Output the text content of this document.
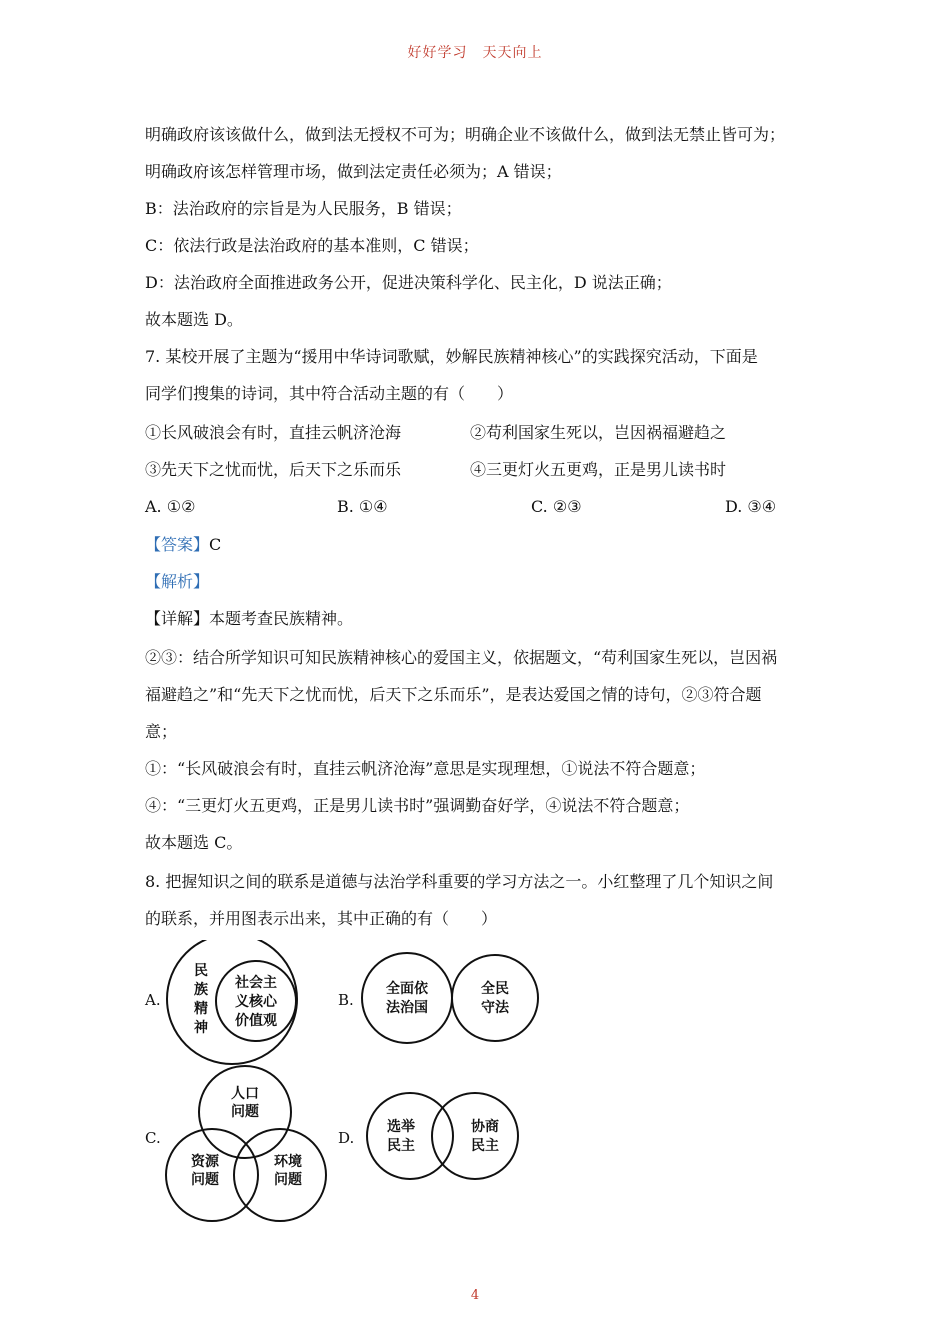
好好学习　天天向上
明确政府该该做什么，做到法无授权不可为；明确企业不该做什么，做到法无禁止皆可为；
明确政府该怎样管理市场，做到法定责任必须为；A 错误；
B：法治政府的宗旨是为人民服务，B 错误；
C：依法行政是法治政府的基本准则，C 错误；
D：法治政府全面推进政务公开，促进决策科学化、民主化，D 说法正确；
故本题选 D。
7. 某校开展了主题为“援用中华诗词歌赋，妙解民族精神核心”的实践探究活动，下面是
同学们搜集的诗词，其中符合活动主题的有（　　）
①长风破浪会有时，直挂云帆济沧海	②苟利国家生死以，岂因祸福避趋之
③先天下之忧而忧，后天下之乐而乐	④三更灯火五更鸡，正是男儿读书时
A. ①②	B. ①④	C. ②③	D. ③④
【答案】C
【解析】
【详解】本题考查民族精神。
②③：结合所学知识可知民族精神核心的爱国主义，依据题文，“苟利国家生死以，岂因祸
福避趋之”和“先天下之忧而忧，后天下之乐而乐”，是表达爱国之情的诗句，②③符合题
意；
①：“长风破浪会有时，直挂云帆济沧海”意思是实现理想，①说法不符合题意；
④：“三更灯火五更鸡，正是男儿读书时”强调勤奋好学，④说法不符合题意；
故本题选 C。
8. 把握知识之间的联系是道德与法治学科重要的学习方法之一。小红整理了几个知识之间
的联系，并用图表示出来，其中正确的有（　　）
A.	B.
C.	D.
民
族
精
神
社会主
义核心
价值观
全面依
法治国
全民
守法
人口
问题
资源
问题
环境
问题
选举
民主
协商
民主
4
